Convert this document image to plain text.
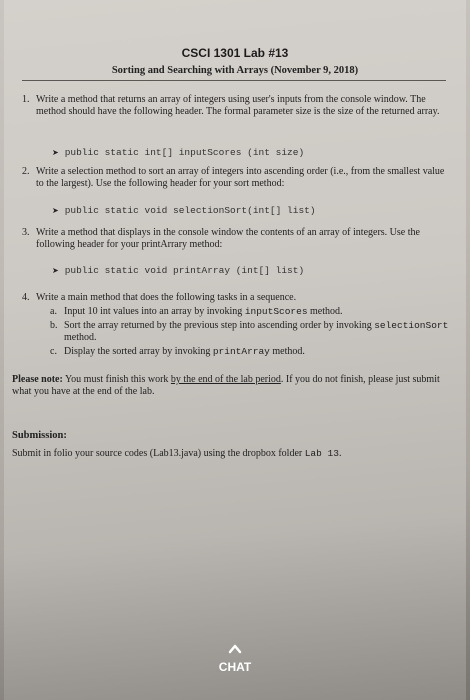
CSCI 1301 Lab #13
Sorting and Searching with Arrays (November 9, 2018)
1. Write a method that returns an array of integers using user's inputs from the console window. The method should have the following header. The formal parameter size is the size of the returned array.
➤ public static int[] inputScores (int size)
2. Write a selection method to sort an array of integers into ascending order (i.e., from the smallest value to the largest). Use the following header for your sort method:
➤ public static void selectionSort(int[] list)
3. Write a method that displays in the console window the contents of an array of integers. Use the following header for your printArrary method:
➤ public static void printArray (int[] list)
4. Write a main method that does the following tasks in a sequence.
a. Input 10 int values into an array by invoking inputScores method.
b. Sort the array returned by the previous step into ascending order by invoking selectionSort method.
c. Display the sorted array by invoking printArray method.
Please note: You must finish this work by the end of the lab period. If you do not finish, please just submit what you have at the end of the lab.
Submission:
Submit in folio your source codes (Lab13.java) using the dropbox folder Lab 13.
CHAT
